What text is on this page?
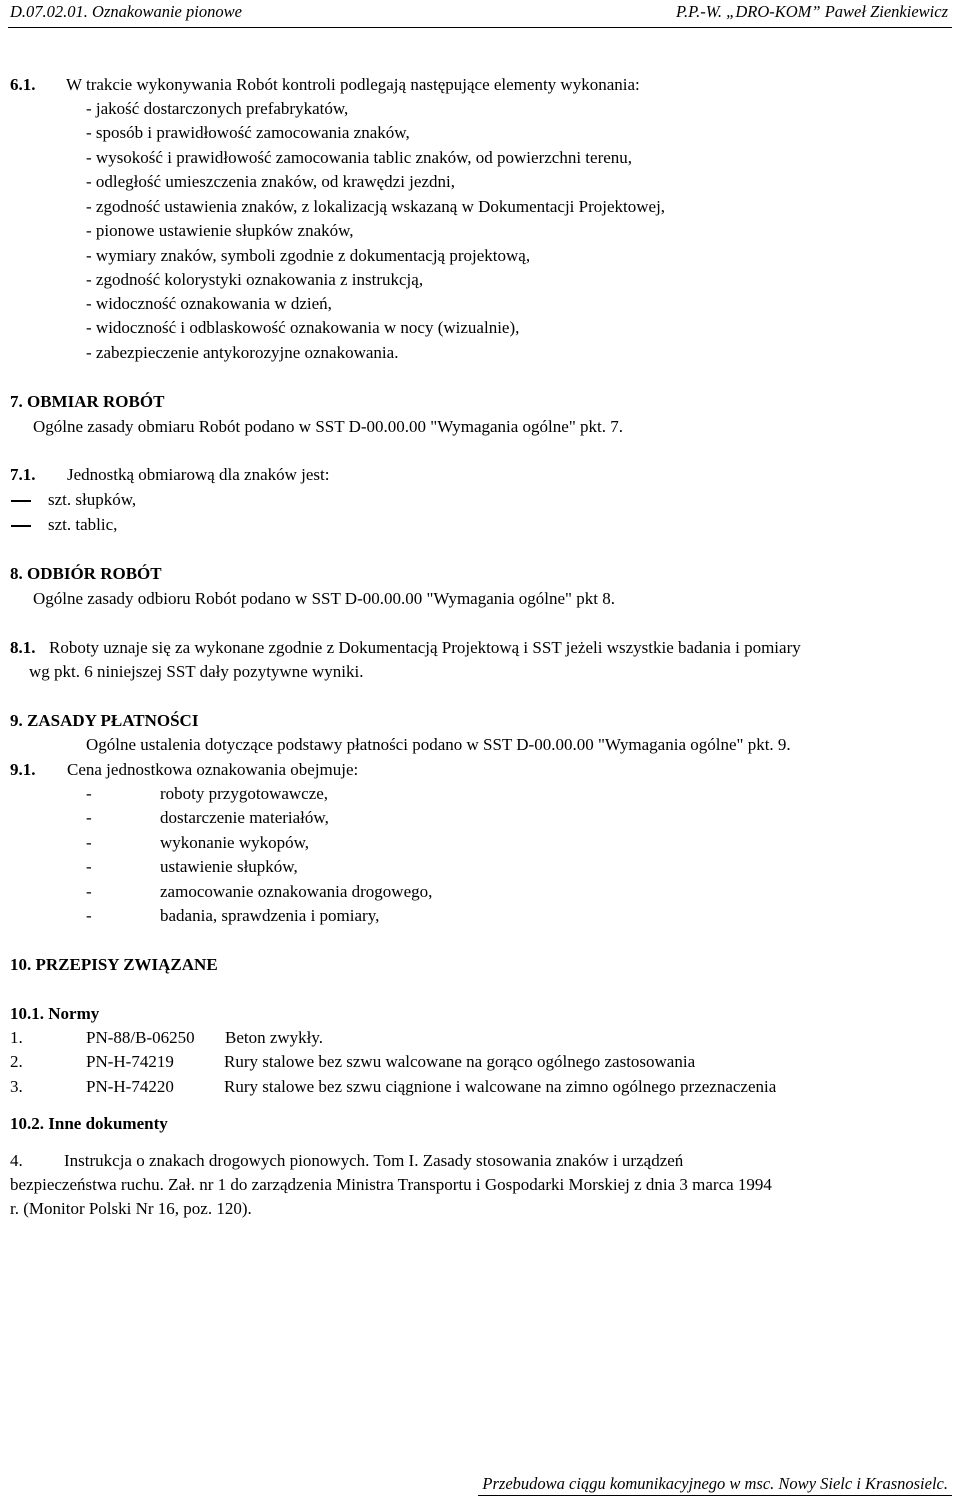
D.07.02.01. Oznakowanie pionowe	P.P.-W. „DRO-KOM” Paweł Zienkiewicz
6.1. W trakcie wykonywania Robót kontroli podlegają następujące elementy wykonania:
- jakość dostarczonych prefabrykatów,
- sposób i prawidłowość zamocowania znaków,
- wysokość i prawidłowość zamocowania tablic znaków, od powierzchni terenu,
- odległość umieszczenia znaków, od krawędzi jezdni,
- zgodność ustawienia znaków, z lokalizacją wskazaną w Dokumentacji Projektowej,
- pionowe ustawienie słupków znaków,
- wymiary znaków, symboli zgodnie z dokumentacją projektową,
- zgodność kolorystyki oznakowania z instrukcją,
- widoczność oznakowania w dzień,
- widoczność i odblaskowość oznakowania w nocy (wizualnie),
- zabezpieczenie antykorozyjne oznakowania.
7. OBMIAR ROBÓT
Ogólne zasady obmiaru Robót podano w SST D-00.00.00 "Wymagania ogólne" pkt. 7.
7.1. Jednostką obmiarową dla znaków jest:
szt. słupków,
szt. tablic,
8. ODBIÓR ROBÓT
Ogólne zasady odbioru Robót podano w SST D-00.00.00 "Wymagania ogólne" pkt 8.
8.1. Roboty uznaje się za wykonane zgodnie z Dokumentacją Projektową i SST jeżeli wszystkie badania i pomiary
wg pkt. 6 niniejszej SST dały pozytywne wyniki.
9. ZASADY PŁATNOŚCI
Ogólne ustalenia dotyczące podstawy płatności podano w SST D-00.00.00 "Wymagania ogólne" pkt. 9.
9.1. Cena jednostkowa oznakowania obejmuje:
-	roboty przygotowawcze,
-	dostarczenie materiałów,
-	wykonanie wykopów,
-	ustawienie słupków,
-	zamocowanie oznakowania drogowego,
-	badania, sprawdzenia i pomiary,
10. PRZEPISY ZWIĄZANE
10.1. Normy
1.	PN-88/B-06250 Beton zwykły.
2.	PN-H-74219	Rury stalowe bez szwu walcowane na gorąco ogólnego zastosowania
3.	PN-H-74220	Rury stalowe bez szwu ciągnione i walcowane na zimno ogólnego przeznaczenia
10.2. Inne dokumenty
4. Instrukcja o znakach drogowych pionowych. Tom I. Zasady stosowania znaków i urządzeń
bezpieczeństwa ruchu. Zał. nr 1 do zarządzenia Ministra Transportu i Gospodarki Morskiej z dnia 3 marca 1994
r. (Monitor Polski Nr 16, poz. 120).
Przebudowa ciągu komunikacyjnego w msc. Nowy Sielc i Krasnosielc.
